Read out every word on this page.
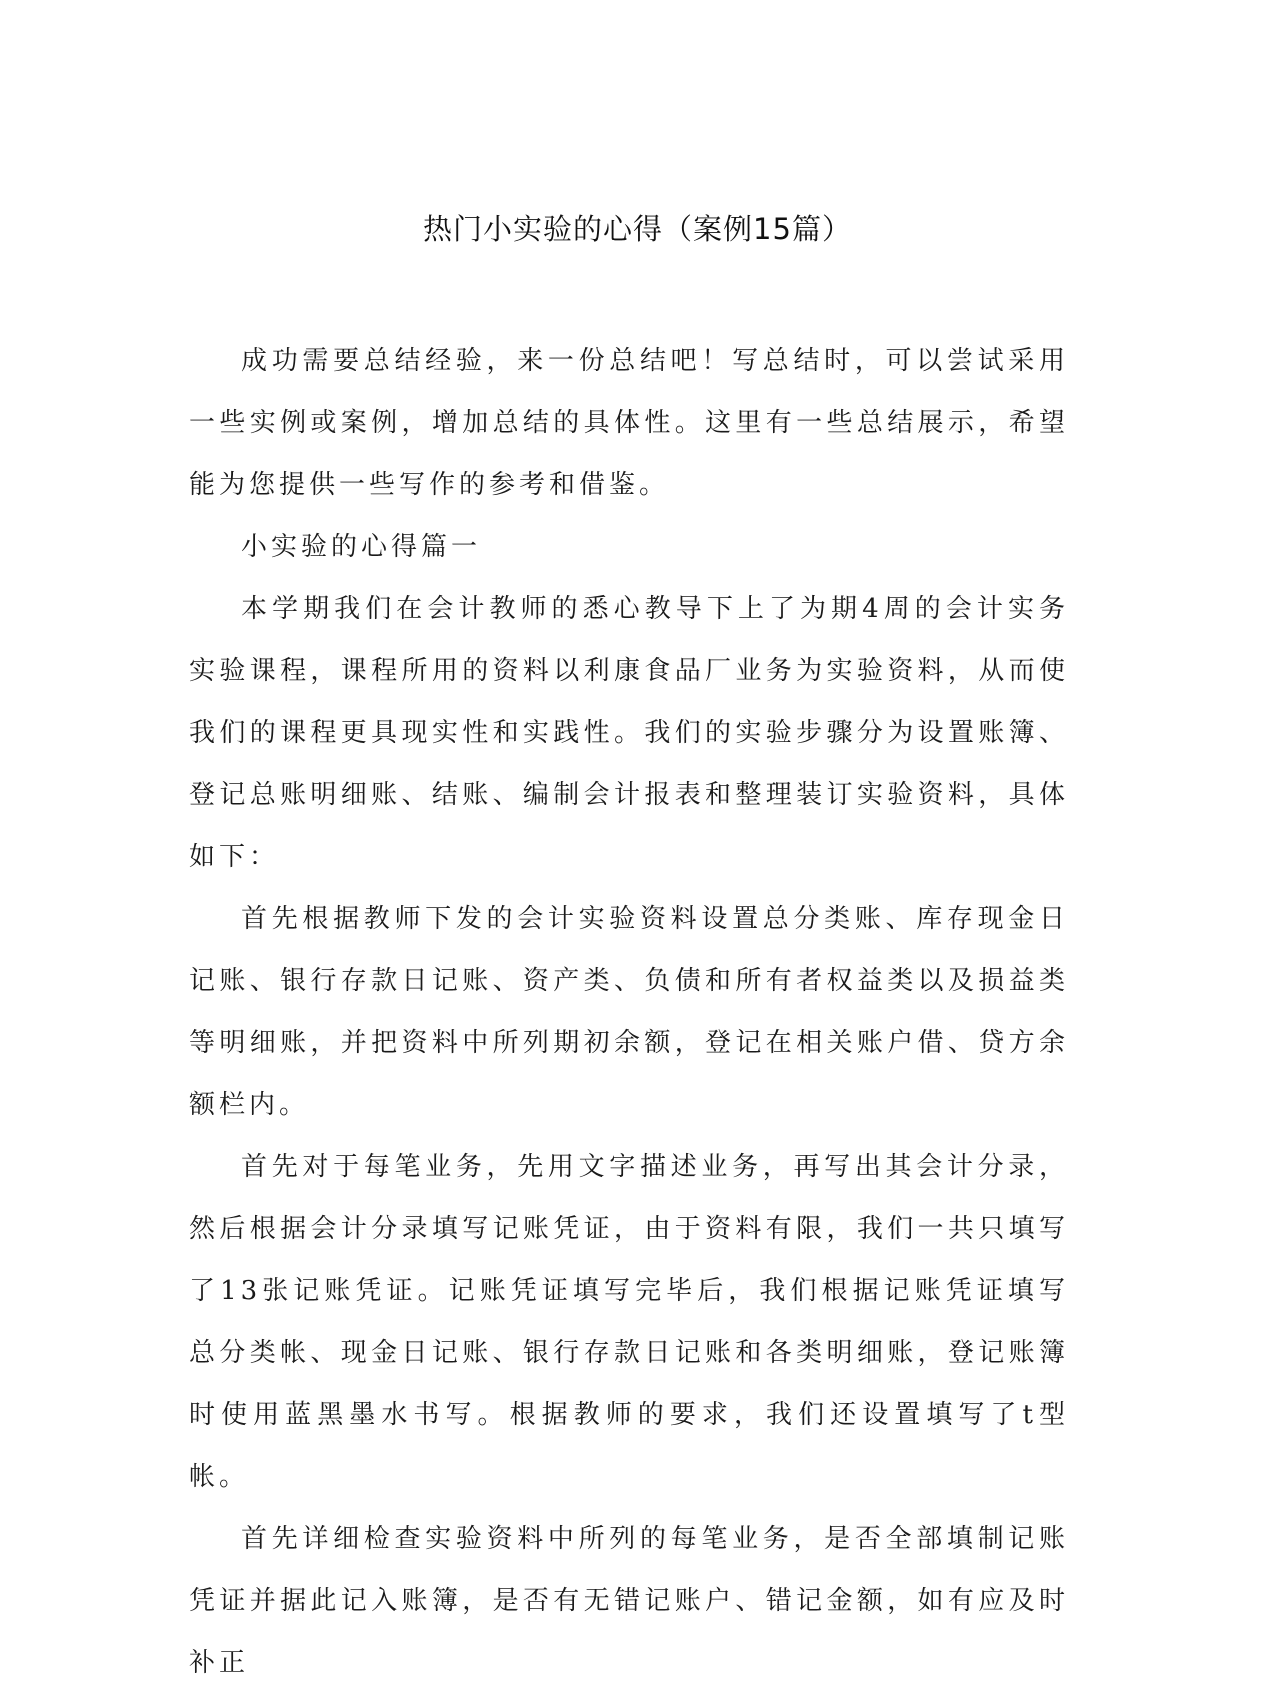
热门小实验的心得（案例15篇）

成功需要总结经验，来一份总结吧！写总结时，可以尝试采用一些实例或案例，增加总结的具体性。这里有一些总结展示，希望能为您提供一些写作的参考和借鉴。

小实验的心得篇一

本学期我们在会计教师的悉心教导下上了为期4周的会计实务实验课程，课程所用的资料以利康食品厂业务为实验资料，从而使我们的课程更具现实性和实践性。我们的实验步骤分为设置账簿、登记总账明细账、结账、编制会计报表和整理装订实验资料，具体如下：

首先根据教师下发的会计实验资料设置总分类账、库存现金日记账、银行存款日记账、资产类、负债和所有者权益类以及损益类等明细账，并把资料中所列期初余额，登记在相关账户借、贷方余额栏内。

首先对于每笔业务，先用文字描述业务，再写出其会计分录，然后根据会计分录填写记账凭证，由于资料有限，我们一共只填写了13张记账凭证。记账凭证填写完毕后，我们根据记账凭证填写总分类帐、现金日记账、银行存款日记账和各类明细账，登记账簿时使用蓝黑墨水书写。根据教师的要求，我们还设置填写了t型帐。

首先详细检查实验资料中所列的每笔业务，是否全部填制记账凭证并据此记入账簿，是否有无错记账户、错记金额，如有应及时补正
